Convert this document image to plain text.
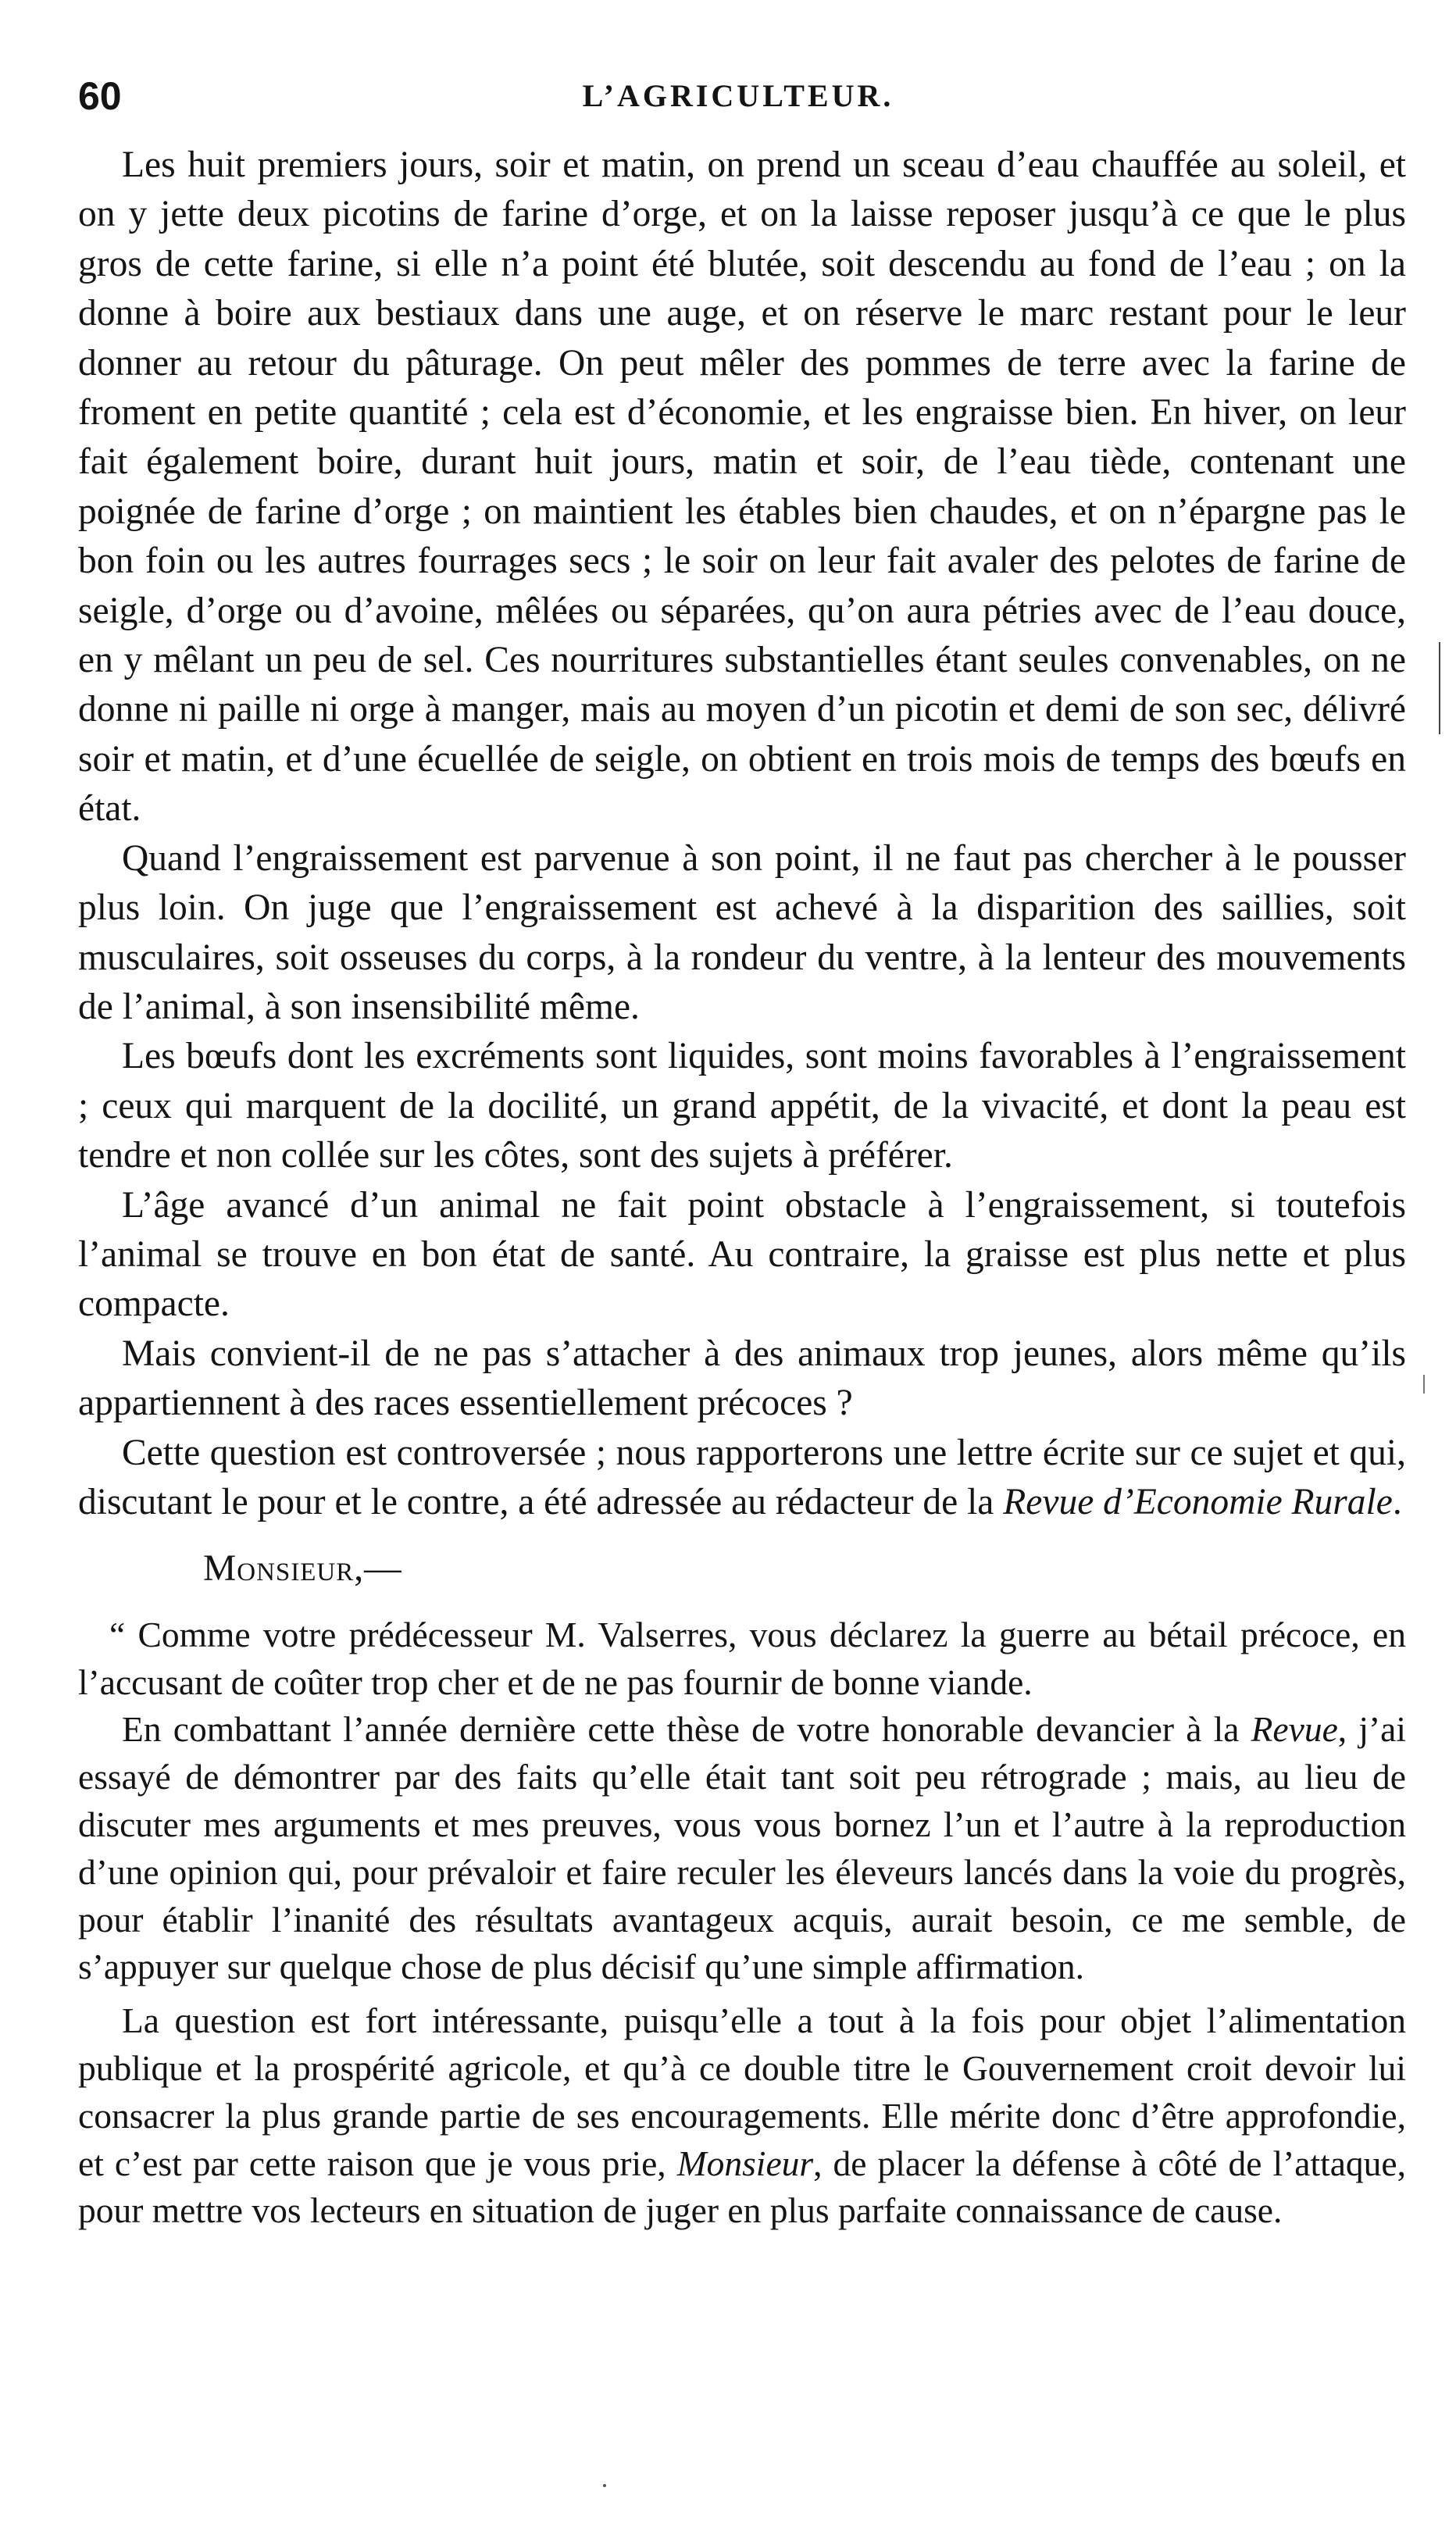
60	L’AGRICULTEUR.

Les huit premiers jours, soir et matin, on prend un sceau d’eau chauffée au soleil, et on y jette deux picotins de farine d’orge, et on la laisse reposer jusqu’à ce que le plus gros de cette farine, si elle n’a point été blutée, soit descendu au fond de l’eau ; on la donne à boire aux bestiaux dans une auge, et on réserve le marc restant pour le leur donner au retour du pâturage. On peut mêler des pommes de terre avec la farine de froment en petite quantité ; cela est d’économie, et les engraisse bien. En hiver, on leur fait également boire, durant huit jours, matin et soir, de l’eau tiède, contenant une poignée de farine d’orge ; on maintient les étables bien chaudes, et on n’épargne pas le bon foin ou les autres fourrages secs ; le soir on leur fait avaler des pelotes de farine de seigle, d’orge ou d’avoine, mêlées ou séparées, qu’on aura pétries avec de l’eau douce, en y mêlant un peu de sel. Ces nourritures substantielles étant seules convenables, on ne donne ni paille ni orge à manger, mais au moyen d’un picotin et demi de son sec, délivré soir et matin, et d’une écuellée de seigle, on obtient en trois mois de temps des bœufs en état.

Quand l’engraissement est parvenue à son point, il ne faut pas chercher à le pousser plus loin. On juge que l’engraissement est achevé à la disparition des saillies, soit musculaires, soit osseuses du corps, à la rondeur du ventre, à la lenteur des mouvements de l’animal, à son insensibilité même.

Les bœufs dont les excréments sont liquides, sont moins favorables à l’engraissement ; ceux qui marquent de la docilité, un grand appétit, de la vivacité, et dont la peau est tendre et non collée sur les côtes, sont des sujets à préférer.

L’âge avancé d’un animal ne fait point obstacle à l’engraissement, si toutefois l’animal se trouve en bon état de santé. Au contraire, la graisse est plus nette et plus compacte.

Mais convient-il de ne pas s’attacher à des animaux trop jeunes, alors même qu’ils appartiennent à des races essentiellement précoces ?

Cette question est controversée ; nous rapporterons une lettre écrite sur ce sujet et qui, discutant le pour et le contre, a été adressée au rédacteur de la Revue d’Economie Rurale.

Monsieur,—

“ Comme votre prédécesseur M. Valserres, vous déclarez la guerre au bétail précoce, en l’accusant de coûter trop cher et de ne pas fournir de bonne viande.

En combattant l’année dernière cette thèse de votre honorable devancier à la Revue, j’ai essayé de démontrer par des faits qu’elle était tant soit peu rétrograde ; mais, au lieu de discuter mes arguments et mes preuves, vous vous bornez l’un et l’autre à la reproduction d’une opinion qui, pour prévaloir et faire reculer les éleveurs lancés dans la voie du progrès, pour établir l’inanité des résultats avantageux acquis, aurait besoin, ce me semble, de s’appuyer sur quelque chose de plus décisif qu’une simple affirmation.

La question est fort intéressante, puisqu’elle a tout à la fois pour objet l’alimentation publique et la prospérité agricole, et qu’à ce double titre le Gouvernement croit devoir lui consacrer la plus grande partie de ses encouragements. Elle mérite donc d’être approfondie, et c’est par cette raison que je vous prie, Monsieur, de placer la défense à côté de l’attaque, pour mettre vos lecteurs en situation de juger en plus parfaite connaissance de cause.
